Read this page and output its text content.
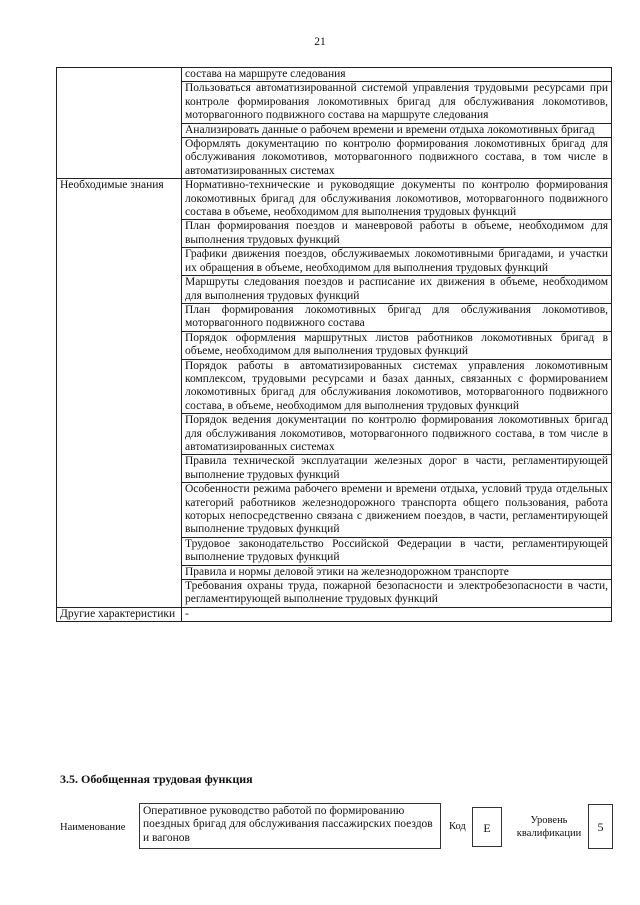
21
	состава на маршруте следования
	Пользоваться автоматизированной системой управления трудовыми ресурсами при контроле формирования локомотивных бригад для обслуживания локомотивов, моторвагонного подвижного состава на маршруте следования
	Анализировать данные о рабочем времени и времени отдыха локомотивных бригад
	Оформлять документацию по контролю формирования локомотивных бригад для обслуживания локомотивов, моторвагонного подвижного состава, в том числе в автоматизированных системах
Необходимые знания	Нормативно-технические и руководящие документы по контролю формирования локомотивных бригад для обслуживания локомотивов, моторвагонного подвижного состава в объеме, необходимом для выполнения трудовых функций
	План формирования поездов и маневровой работы в объеме, необходимом для выполнения трудовых функций
	Графики движения поездов, обслуживаемых локомотивными бригадами, и участки их обращения в объеме, необходимом для выполнения трудовых функций
	Маршруты следования поездов и расписание их движения в объеме, необходимом для выполнения трудовых функций
	План формирования локомотивных бригад для обслуживания локомотивов, моторвагонного подвижного состава
	Порядок оформления маршрутных листов работников локомотивных бригад в объеме, необходимом для выполнения трудовых функций
	Порядок работы в автоматизированных системах управления локомотивным комплексом, трудовыми ресурсами и базах данных, связанных с формированием локомотивных бригад для обслуживания локомотивов, моторвагонного подвижного состава, в объеме, необходимом для выполнения трудовых функций
	Порядок ведения документации по контролю формирования локомотивных бригад для обслуживания локомотивов, моторвагонного подвижного состава, в том числе в автоматизированных системах
	Правила технической эксплуатации железных дорог в части, регламентирующей выполнение трудовых функций
	Особенности режима рабочего времени и времени отдыха, условий труда отдельных категорий работников железнодорожного транспорта общего пользования, работа которых непосредственно связана с движением поездов, в части, регламентирующей выполнение трудовых функций
	Трудовое законодательство Российской Федерации в части, регламентирующей выполнение трудовых функций
	Правила и нормы деловой этики на железнодорожном транспорте
	Требования охраны труда, пожарной безопасности и электробезопасности в части, регламентирующей выполнение трудовых функций
Другие характеристики	-
3.5. Обобщенная трудовая функция
Наименование
Оперативное руководство работой по формированию поездных бригад для обслуживания пассажирских поездов и вагонов
Код	E
Уровень квалификации	5
